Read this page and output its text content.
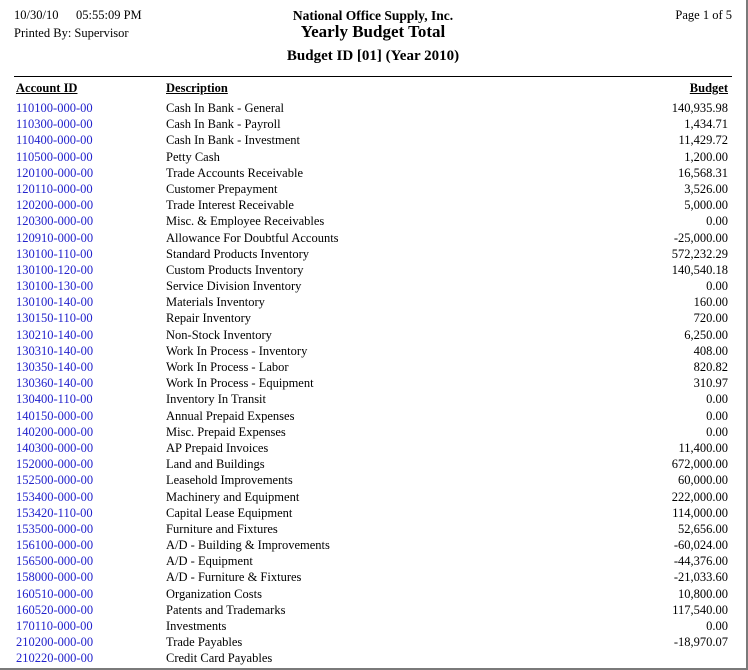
10/30/10 05:55:09 PM	National Office Supply, Inc.	Page 1 of 5
Printed By: Supervisor	Yearly Budget Total
Budget ID [01] (Year 2010)
Account ID	Description	Budget
110100-000-00	Cash In Bank - General	140,935.98
110300-000-00	Cash In Bank - Payroll	1,434.71
110400-000-00	Cash In Bank - Investment	11,429.72
110500-000-00	Petty Cash	1,200.00
120100-000-00	Trade Accounts Receivable	16,568.31
120110-000-00	Customer Prepayment	3,526.00
120200-000-00	Trade Interest Receivable	5,000.00
120300-000-00	Misc. & Employee Receivables	0.00
120910-000-00	Allowance For Doubtful Accounts	-25,000.00
130100-110-00	Standard Products Inventory	572,232.29
130100-120-00	Custom Products Inventory	140,540.18
130100-130-00	Service Division Inventory	0.00
130100-140-00	Materials Inventory	160.00
130150-110-00	Repair Inventory	720.00
130210-140-00	Non-Stock Inventory	6,250.00
130310-140-00	Work In Process - Inventory	408.00
130350-140-00	Work In Process - Labor	820.82
130360-140-00	Work In Process - Equipment	310.97
130400-110-00	Inventory In Transit	0.00
140150-000-00	Annual Prepaid Expenses	0.00
140200-000-00	Misc. Prepaid Expenses	0.00
140300-000-00	AP Prepaid Invoices	11,400.00
152000-000-00	Land and Buildings	672,000.00
152500-000-00	Leasehold Improvements	60,000.00
153400-000-00	Machinery and Equipment	222,000.00
153420-110-00	Capital Lease Equipment	114,000.00
153500-000-00	Furniture and Fixtures	52,656.00
156100-000-00	A/D - Building & Improvements	-60,024.00
156500-000-00	A/D - Equipment	-44,376.00
158000-000-00	A/D - Furniture & Fixtures	-21,033.60
160510-000-00	Organization Costs	10,800.00
160520-000-00	Patents and Trademarks	117,540.00
170110-000-00	Investments	0.00
210200-000-00	Trade Payables	-18,970.07
210220-000-00	Credit Card Payables
